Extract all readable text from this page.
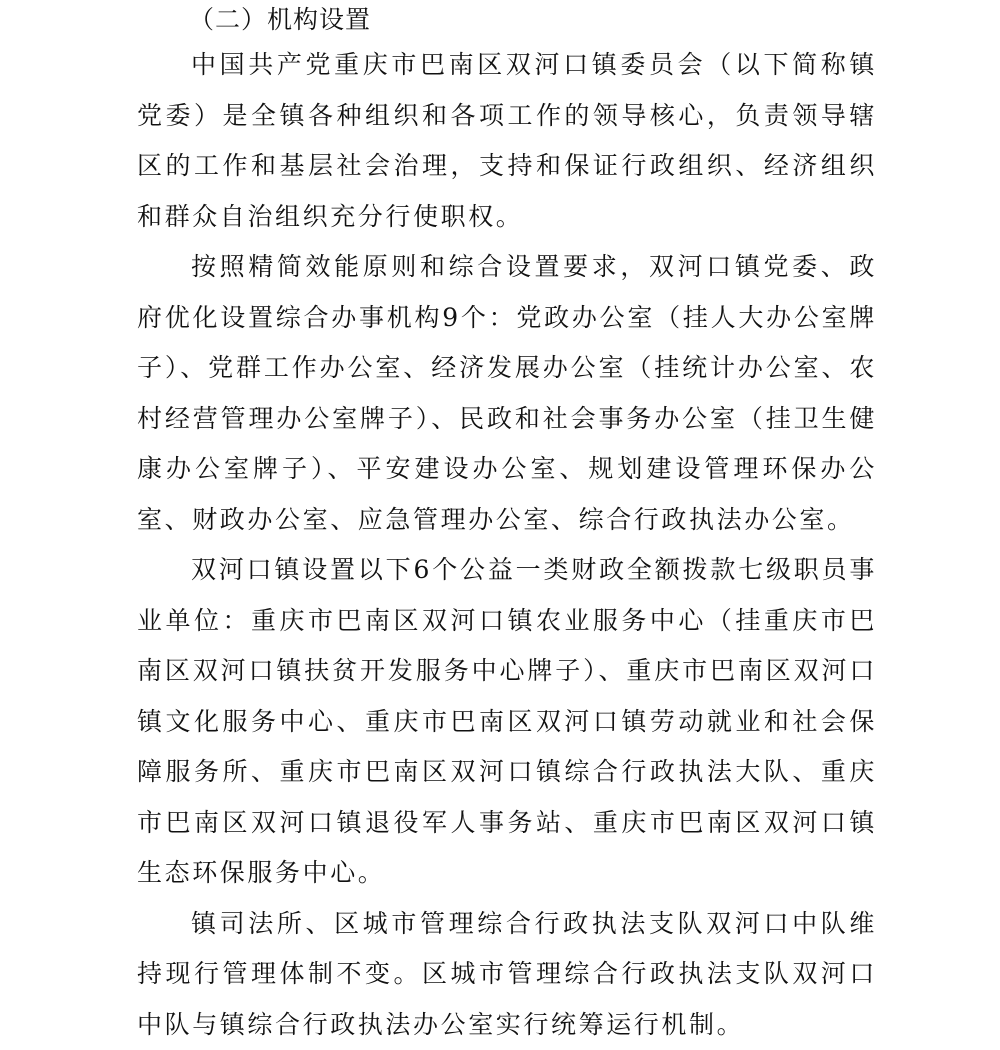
（二）机构设置

中国共产党重庆市巴南区双河口镇委员会（以下简称镇党委）是全镇各种组织和各项工作的领导核心，负责领导辖区的工作和基层社会治理，支持和保证行政组织、经济组织和群众自治组织充分行使职权。

按照精简效能原则和综合设置要求，双河口镇党委、政府优化设置综合办事机构9个：党政办公室（挂人大办公室牌子）、党群工作办公室、经济发展办公室（挂统计办公室、农村经营管理办公室牌子）、民政和社会事务办公室（挂卫生健康办公室牌子）、平安建设办公室、规划建设管理环保办公室、财政办公室、应急管理办公室、综合行政执法办公室。

双河口镇设置以下6个公益一类财政全额拨款七级职员事业单位：重庆市巴南区双河口镇农业服务中心（挂重庆市巴南区双河口镇扶贫开发服务中心牌子）、重庆市巴南区双河口镇文化服务中心、重庆市巴南区双河口镇劳动就业和社会保障服务所、重庆市巴南区双河口镇综合行政执法大队、重庆市巴南区双河口镇退役军人事务站、重庆市巴南区双河口镇生态环保服务中心。

镇司法所、区城市管理综合行政执法支队双河口中队维持现行管理体制不变。区城市管理综合行政执法支队双河口中队与镇综合行政执法办公室实行统筹运行机制。
